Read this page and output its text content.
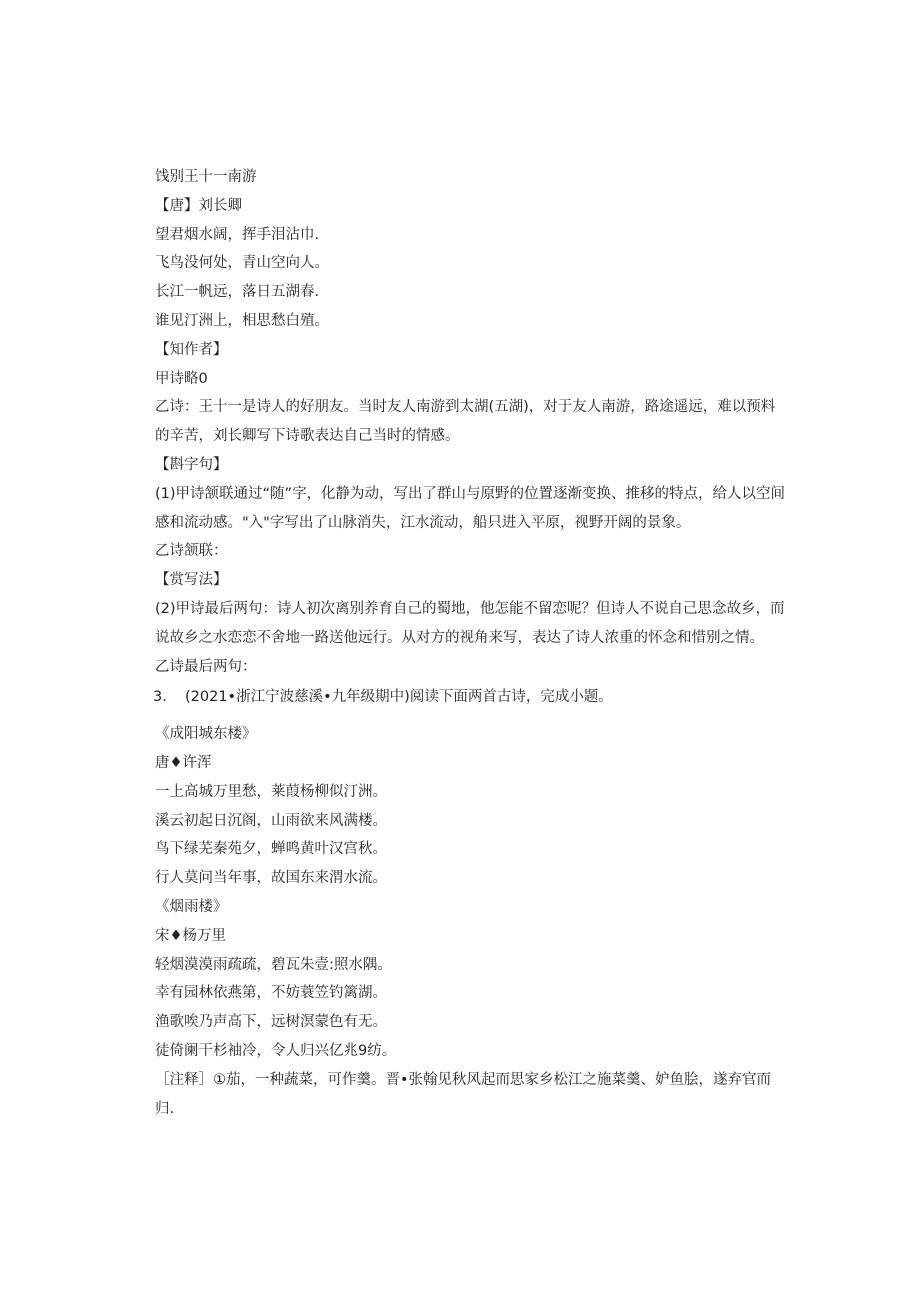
饯别王十一南游
【唐】刘长卿
望君烟水阔，挥手泪沾巾.
飞鸟没何处，青山空向人。
长江一帆远，落日五湖春.
谁见汀洲上，相思愁白殖。
【知作者】
甲诗略0
乙诗：王十一是诗人的好朋友。当时友人南游到太湖(五湖)，对于友人南游，路途遥远，难以预料
的辛苦，刘长卿写下诗歌表达自己当时的情感。
【斟字句】
(1)甲诗颔联通过“随”字，化静为动，写出了群山与原野的位置逐渐变换、推移的特点，给人以空间
感和流动感。"入"字写出了山脉消失，江水流动，船只进入平原，视野开阔的景象。
乙诗颔联：
【赏写法】
(2)甲诗最后两句：诗人初次离别养育自己的蜀地，他怎能不留恋呢？但诗人不说自己思念故乡，而
说故乡之水恋恋不舍地一路送他远行。从对方的视角来写，表达了诗人浓重的怀念和惜别之情。
乙诗最后两句：
3.	(2021•浙江宁波慈溪•九年级期中)阅读下面两首古诗，完成小题。
《成阳城东楼》
唐♦许浑
一上高城万里愁，莱葭杨柳似汀洲。
溪云初起日沉阁，山雨欲来风满楼。
鸟下绿芜秦苑夕，蝉鸣黄叶汉宫秋。
行人莫问当年事，故国东来渭水流。
《烟雨楼》
宋♦杨万里
轻烟漠漠雨疏疏，碧瓦朱壹:照水隅。
幸有园林依燕第，不妨蓑笠钓篱湖。
渔歌唉乃声高下，远树溟蒙色有无。
徒倚阑干杉袖冷，令人归兴亿兆9纺。
［注释］①茄，一种蔬菜，可作羹。晋•张翰见秋风起而思家乡松江之施菜羹、妒鱼脍，遂弃官而
归.
